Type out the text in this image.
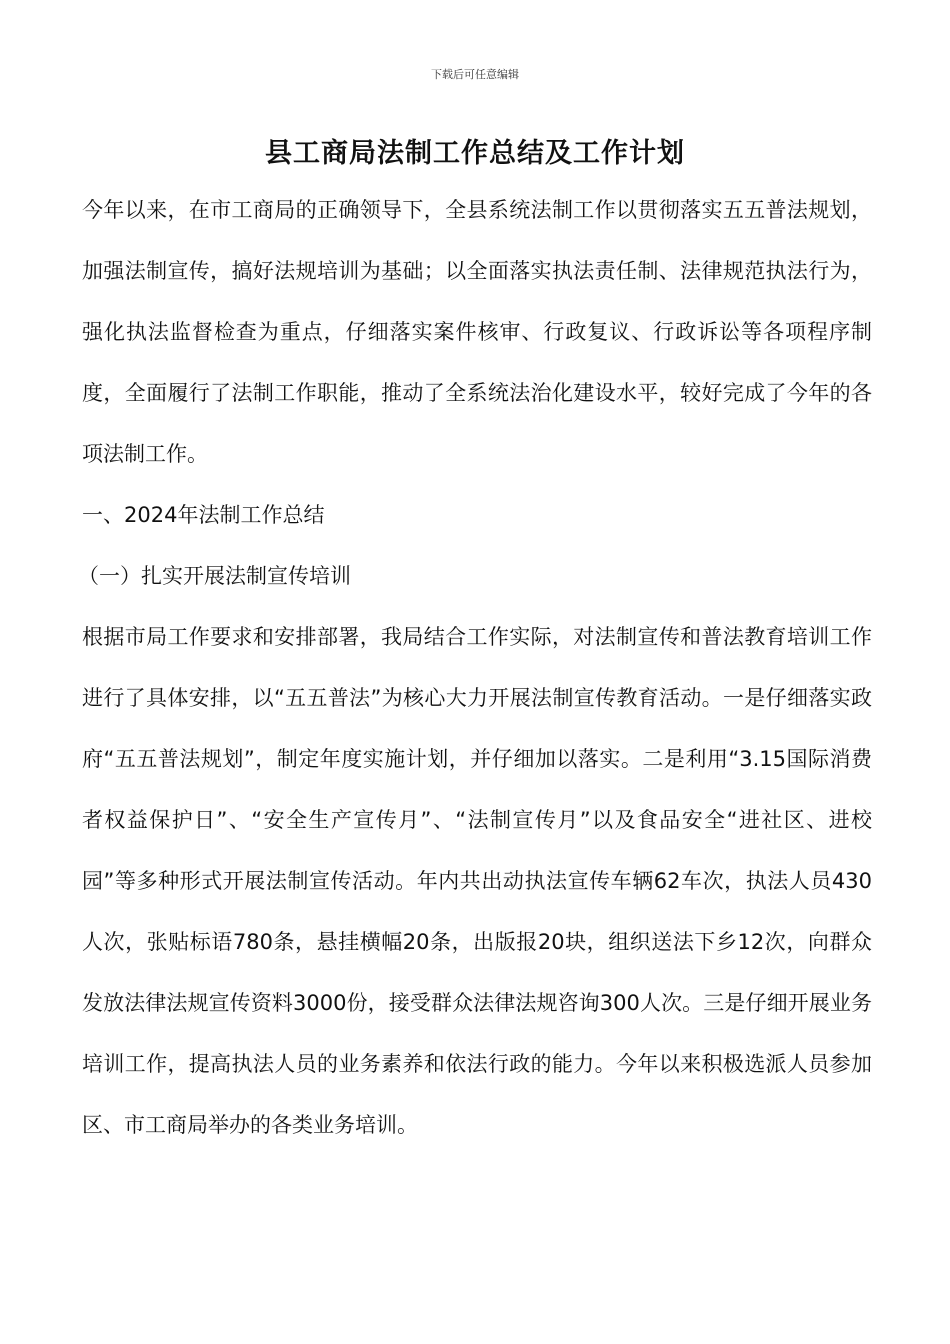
下载后可任意编辑
县工商局法制工作总结及工作计划

今年以来，在市工商局的正确领导下，全县系统法制工作以贯彻落实五五普法规划，加强法制宣传，搞好法规培训为基础；以全面落实执法责任制、法律规范执法行为，强化执法监督检查为重点，仔细落实案件核审、行政复议、行政诉讼等各项程序制度，全面履行了法制工作职能，推动了全系统法治化建设水平，较好完成了今年的各项法制工作。

一、2024年法制工作总结
（一）扎实开展法制宣传培训

根据市局工作要求和安排部署，我局结合工作实际，对法制宣传和普法教育培训工作进行了具体安排，以“五五普法”为核心大力开展法制宣传教育活动。一是仔细落实政府“五五普法规划”，制定年度实施计划，并仔细加以落实。二是利用“3.15国际消费者权益保护日”、“安全生产宣传月”、“法制宣传月”以及食品安全“进社区、进校园”等多种形式开展法制宣传活动。年内共出动执法宣传车辆62车次，执法人员430人次，张贴标语780条，悬挂横幅20条，出版报20块，组织送法下乡12次，向群众发放法律法规宣传资料3000份，接受群众法律法规咨询300人次。三是仔细开展业务培训工作，提高执法人员的业务素养和依法行政的能力。今年以来积极选派人员参加区、市工商局举办的各类业务培训。
